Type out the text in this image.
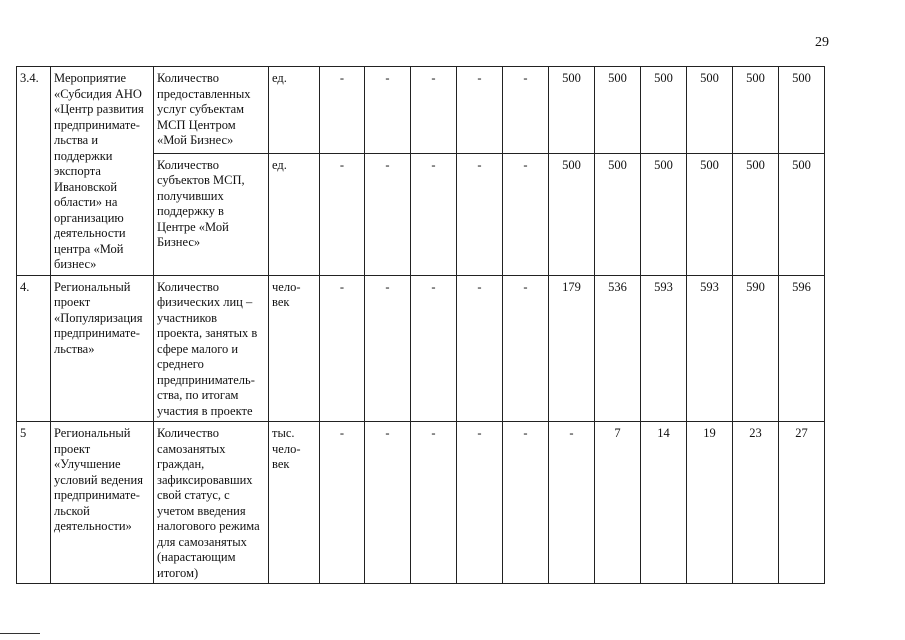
29
3.4.	Мероприятие «Субсидия АНО «Центр развития предпринимате-льства и поддержки экспорта Ивановской области» на организацию деятельности центра «Мой бизнес»	Количество предоставленных услуг субъектам МСП Центром «Мой Бизнес»	ед.	-	-	-	-	-	500	500	500	500	500	500
		Количество субъектов МСП, получивших поддержку в Центре «Мой Бизнес»	ед.	-	-	-	-	-	500	500	500	500	500	500
4.	Региональный проект «Популяризация предпринимате-льства»	Количество физических лиц – участников проекта, занятых в сфере малого и среднего предприниматель-ства, по итогам участия в проекте	чело-век	-	-	-	-	-	179	536	593	593	590	596
5	Региональный проект «Улучшение условий ведения предпринимате-льской деятельности»	Количество самозанятых граждан, зафиксировавших свой статус, с учетом введения налогового режима для самозанятых (нарастающим итогом)	тыс. чело-век	-	-	-	-	-	-	7	14	19	23	27
